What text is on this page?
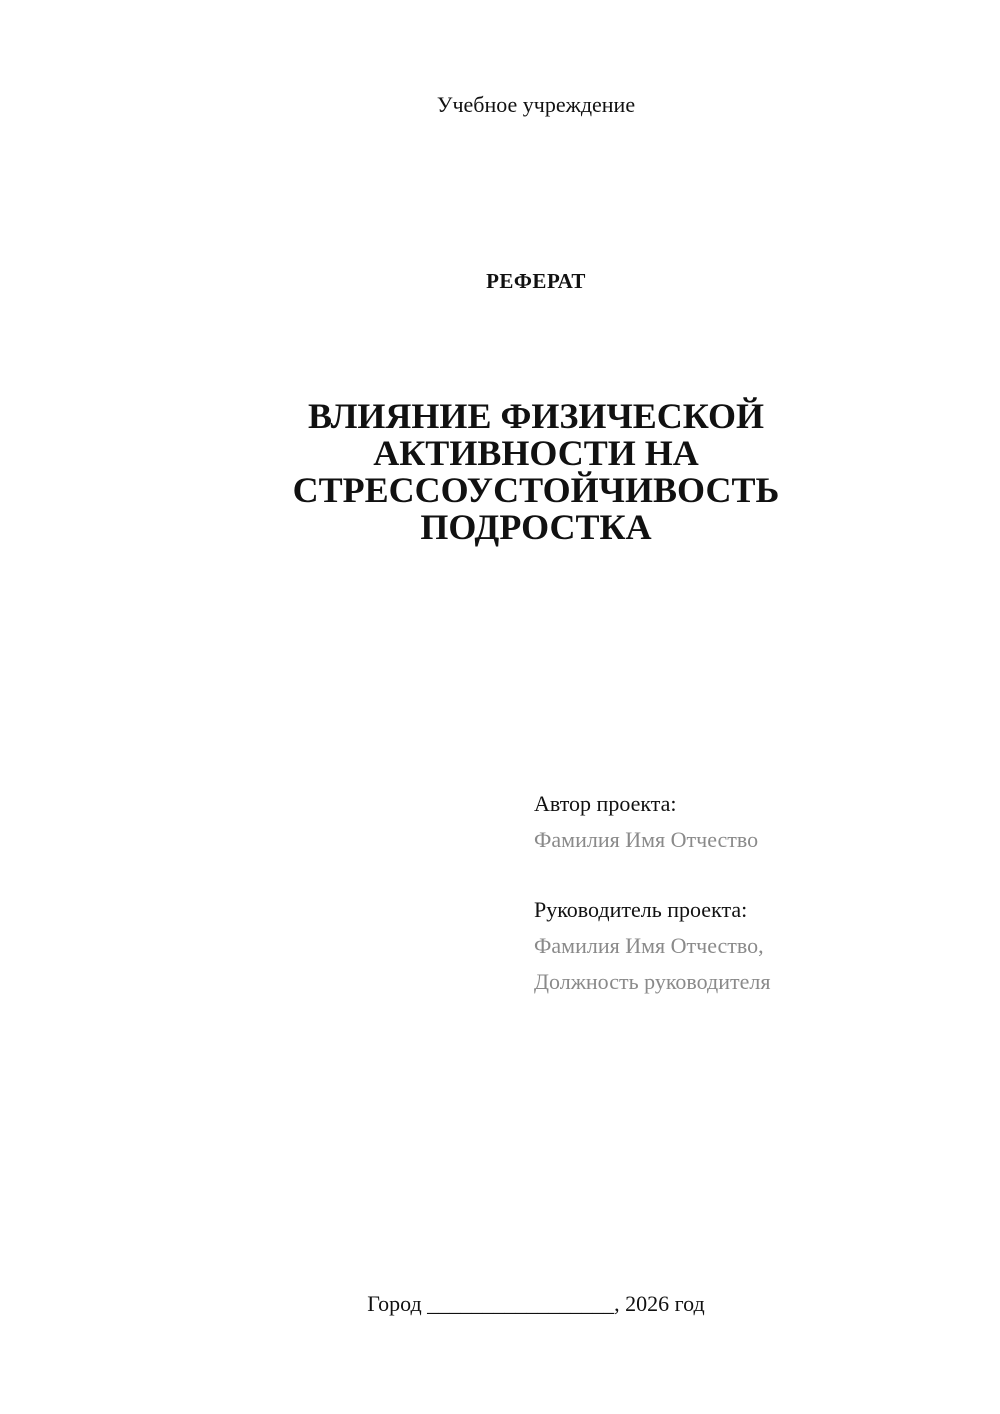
Учебное учреждение
РЕФЕРАТ
ВЛИЯНИЕ ФИЗИЧЕСКОЙ
АКТИВНОСТИ НА
СТРЕССОУСТОЙЧИВОСТЬ
ПОДРОСТКА
Автор проекта:
Фамилия Имя Отчество
Руководитель проекта:
Фамилия Имя Отчество,
Должность руководителя
Город _________________, 2026 год
